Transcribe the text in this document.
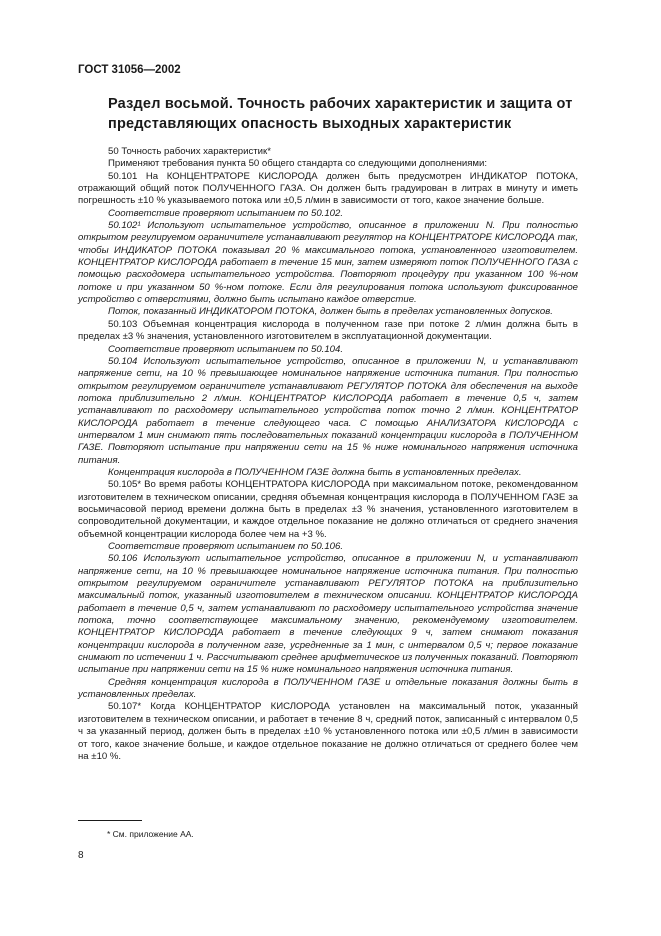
ГОСТ 31056—2002
Раздел восьмой. Точность рабочих характеристик и защита от представляющих опасность выходных характеристик

50 Точность рабочих характеристик*

Применяют требования пункта 50 общего стандарта со следующими дополнениями:

50.101 На КОНЦЕНТРАТОРЕ КИСЛОРОДА должен быть предусмотрен ИНДИКАТОР ПОТОКА, отражающий общий поток ПОЛУЧЕННОГО ГАЗА. Он должен быть градуирован в литрах в минуту и иметь погрешность ±10 % указываемого потока или ±0,5 л/мин в зависимости от того, какое значение больше.

Соответствие проверяют испытанием по 50.102.

50.102¹ Используют испытательное устройство, описанное в приложении N. При полностью открытом регулируемом ограничителе устанавливают регулятор на КОНЦЕНТРАТОРЕ КИСЛОРОДА так, чтобы ИНДИКАТОР ПОТОКА показывал 20 % максимального потока, установленного изготовителем. КОНЦЕНТРАТОР КИСЛОРОДА работает в течение 15 мин, затем измеряют поток ПОЛУЧЕННОГО ГАЗА с помощью расходомера испытательного устройства. Повторяют процедуру при указанном 100 %-ном потоке и при указанном 50 %-ном потоке. Если для регулирования потока используют фиксированное устройство с отверстиями, должно быть испытано каждое отверстие.

Поток, показанный ИНДИКАТОРОМ ПОТОКА, должен быть в пределах установленных допусков.

50.103 Объемная концентрация кислорода в полученном газе при потоке 2 л/мин должна быть в пределах ±3 % значения, установленного изготовителем в эксплуатационной документации.

Соответствие проверяют испытанием по 50.104.

50.104 Используют испытательное устройство, описанное в приложении N, и устанавливают напряжение сети, на 10 % превышающее номинальное напряжение источника питания. При полностью открытом регулируемом ограничителе устанавливают РЕГУЛЯТОР ПОТОКА для обеспечения на выходе потока приблизительно 2 л/мин. КОНЦЕНТРАТОР КИСЛОРОДА работает в течение 0,5 ч, затем устанавливают по расходомеру испытательного устройства поток точно 2 л/мин. КОНЦЕНТРАТОР КИСЛОРОДА работает в течение следующего часа. С помощью АНАЛИЗАТОРА КИСЛОРОДА с интервалом 1 мин снимают пять последовательных показаний концентрации кислорода в ПОЛУЧЕННОМ ГАЗЕ. Повторяют испытание при напряжении сети на 15 % ниже номинального напряжения источника питания.

Концентрация кислорода в ПОЛУЧЕННОМ ГАЗЕ должна быть в установленных пределах.

50.105* Во время работы КОНЦЕНТРАТОРА КИСЛОРОДА при максимальном потоке, рекомендованном изготовителем в техническом описании, средняя объемная концентрация кислорода в ПОЛУЧЕННОМ ГАЗЕ за восьмичасовой период времени должна быть в пределах ±3 % значения, установленного изготовителем в сопроводительной документации, и каждое отдельное показание не должно отличаться от среднего значения объемной концентрации кислорода более чем на +3 %.

Соответствие проверяют испытанием по 50.106.

50.106 Используют испытательное устройство, описанное в приложении N, и устанавливают напряжение сети, на 10 % превышающее номинальное напряжение источника питания. При полностью открытом регулируемом ограничителе устанавливают РЕГУЛЯТОР ПОТОКА на приблизительно максимальный поток, указанный изготовителем в техническом описании. КОНЦЕНТРАТОР КИСЛОРОДА работает в течение 0,5 ч, затем устанавливают по расходомеру испытательного устройства значение потока, точно соответствующее максимальному значению, рекомендуемому изготовителем. КОНЦЕНТРАТОР КИСЛОРОДА работает в течение следующих 9 ч, затем снимают показания концентрации кислорода в полученном газе, усредненные за 1 мин, с интервалом 0,5 ч; первое показание снимают по истечении 1 ч. Рассчитывают среднее арифметическое из полученных показаний. Повторяют испытание при напряжении сети на 15 % ниже номинального напряжения источника питания.

Средняя концентрация кислорода в ПОЛУЧЕННОМ ГАЗЕ и отдельные показания должны быть в установленных пределах.

50.107* Когда КОНЦЕНТРАТОР КИСЛОРОДА установлен на максимальный поток, указанный изготовителем в техническом описании, и работает в течение 8 ч, средний поток, записанный с интервалом 0,5 ч за указанный период, должен быть в пределах ±10 % установленного потока или ±0,5 л/мин в зависимости от того, какое значение больше, и каждое отдельное показание не должно отличаться от среднего более чем на ±10 %.

* См. приложение АА.
8
